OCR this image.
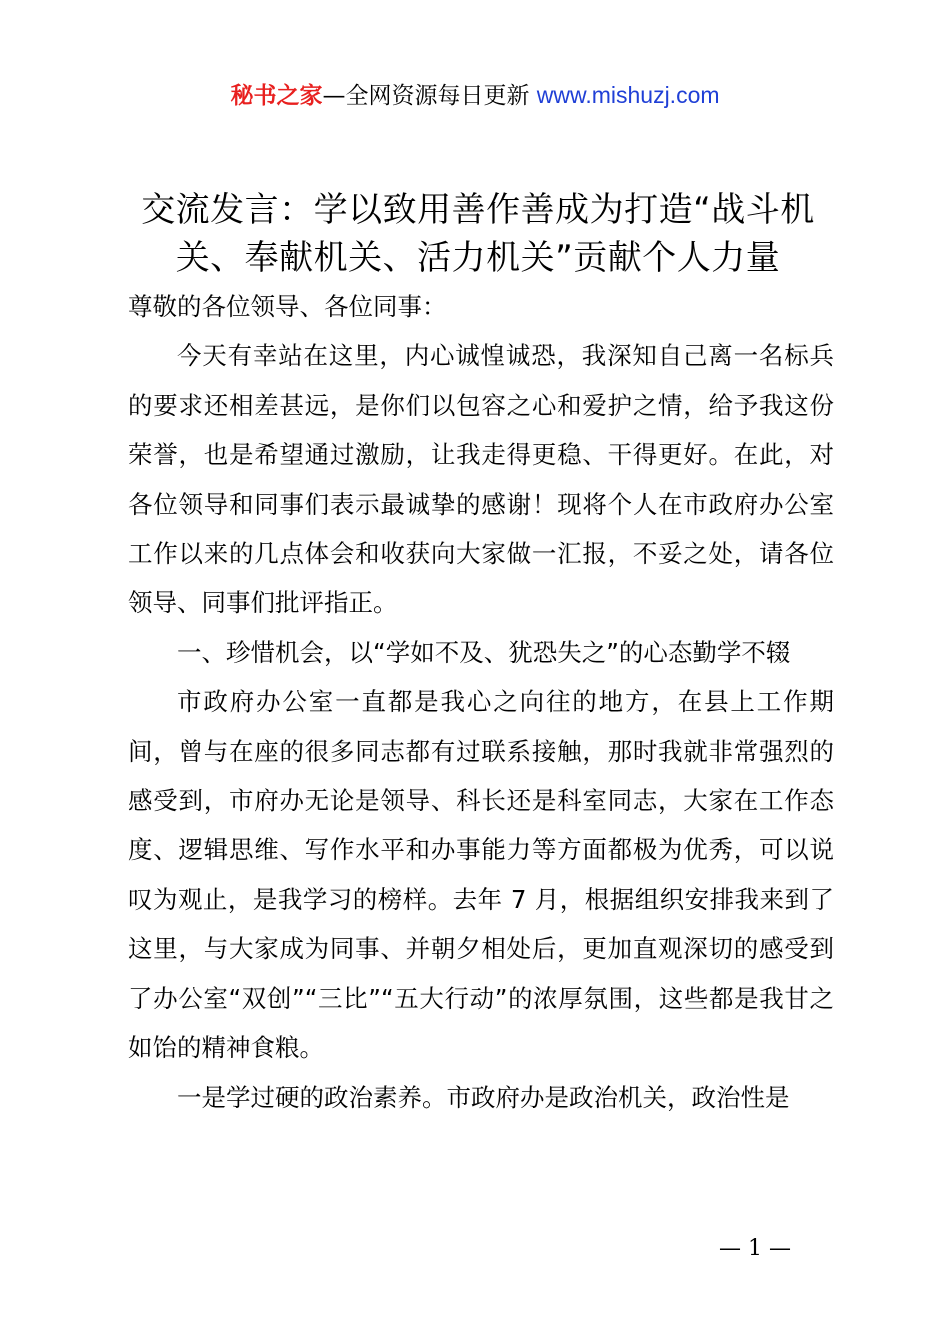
秘书之家—全网资源每日更新 www.mishuzj.com
交流发言：学以致用善作善成为打造“战斗机关、奉献机关、活力机关”贡献个人力量

尊敬的各位领导、各位同事：

今天有幸站在这里，内心诚惶诚恐，我深知自己离一名标兵的要求还相差甚远，是你们以包容之心和爱护之情，给予我这份荣誉，也是希望通过激励，让我走得更稳、干得更好。在此，对各位领导和同事们表示最诚挚的感谢！现将个人在市政府办公室工作以来的几点体会和收获向大家做一汇报，不妥之处，请各位领导、同事们批评指正。

一、珍惜机会，以“学如不及、犹恐失之”的心态勤学不辍

市政府办公室一直都是我心之向往的地方，在县上工作期间，曾与在座的很多同志都有过联系接触，那时我就非常强烈的感受到，市府办无论是领导、科长还是科室同志，大家在工作态度、逻辑思维、写作水平和办事能力等方面都极为优秀，可以说叹为观止，是我学习的榜样。去年 7 月，根据组织安排我来到了这里，与大家成为同事、并朝夕相处后，更加直观深切的感受到了办公室“双创”“三比”“五大行动”的浓厚氛围，这些都是我甘之如饴的精神食粮。

一是学过硬的政治素养。市政府办是政治机关，政治性是

— 1 —
